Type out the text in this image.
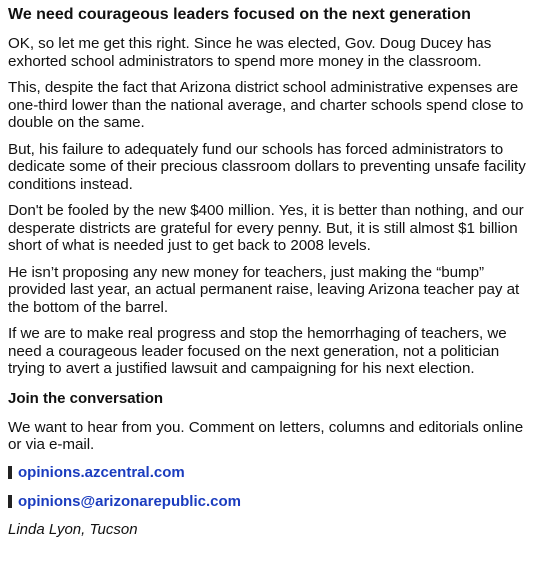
We need courageous leaders focused on the next generation

OK, so let me get this right. Since he was elected, Gov. Doug Ducey has exhorted school administrators to spend more money in the classroom.

This, despite the fact that Arizona district school administrative expenses are one-third lower than the national average, and charter schools spend close to double on the same.

But, his failure to adequately fund our schools has forced administrators to dedicate some of their precious classroom dollars to preventing unsafe facility conditions instead.

Don't be fooled by the new $400 million. Yes, it is better than nothing, and our desperate districts are grateful for every penny. But, it is still almost $1 billion short of what is needed just to get back to 2008 levels.

He isn’t proposing any new money for teachers, just making the “bump” provided last year, an actual permanent raise, leaving Arizona teacher pay at the bottom of the barrel.

If we are to make real progress and stop the hemorrhaging of teachers, we need a courageous leader focused on the next generation, not a politician trying to avert a justified lawsuit and campaigning for his next election.

Join the conversation

We want to hear from you. Comment on letters, columns and editorials online or via e-mail.

opinions.azcentral.com
opinions@arizonarepublic.com
Linda Lyon, Tucson
